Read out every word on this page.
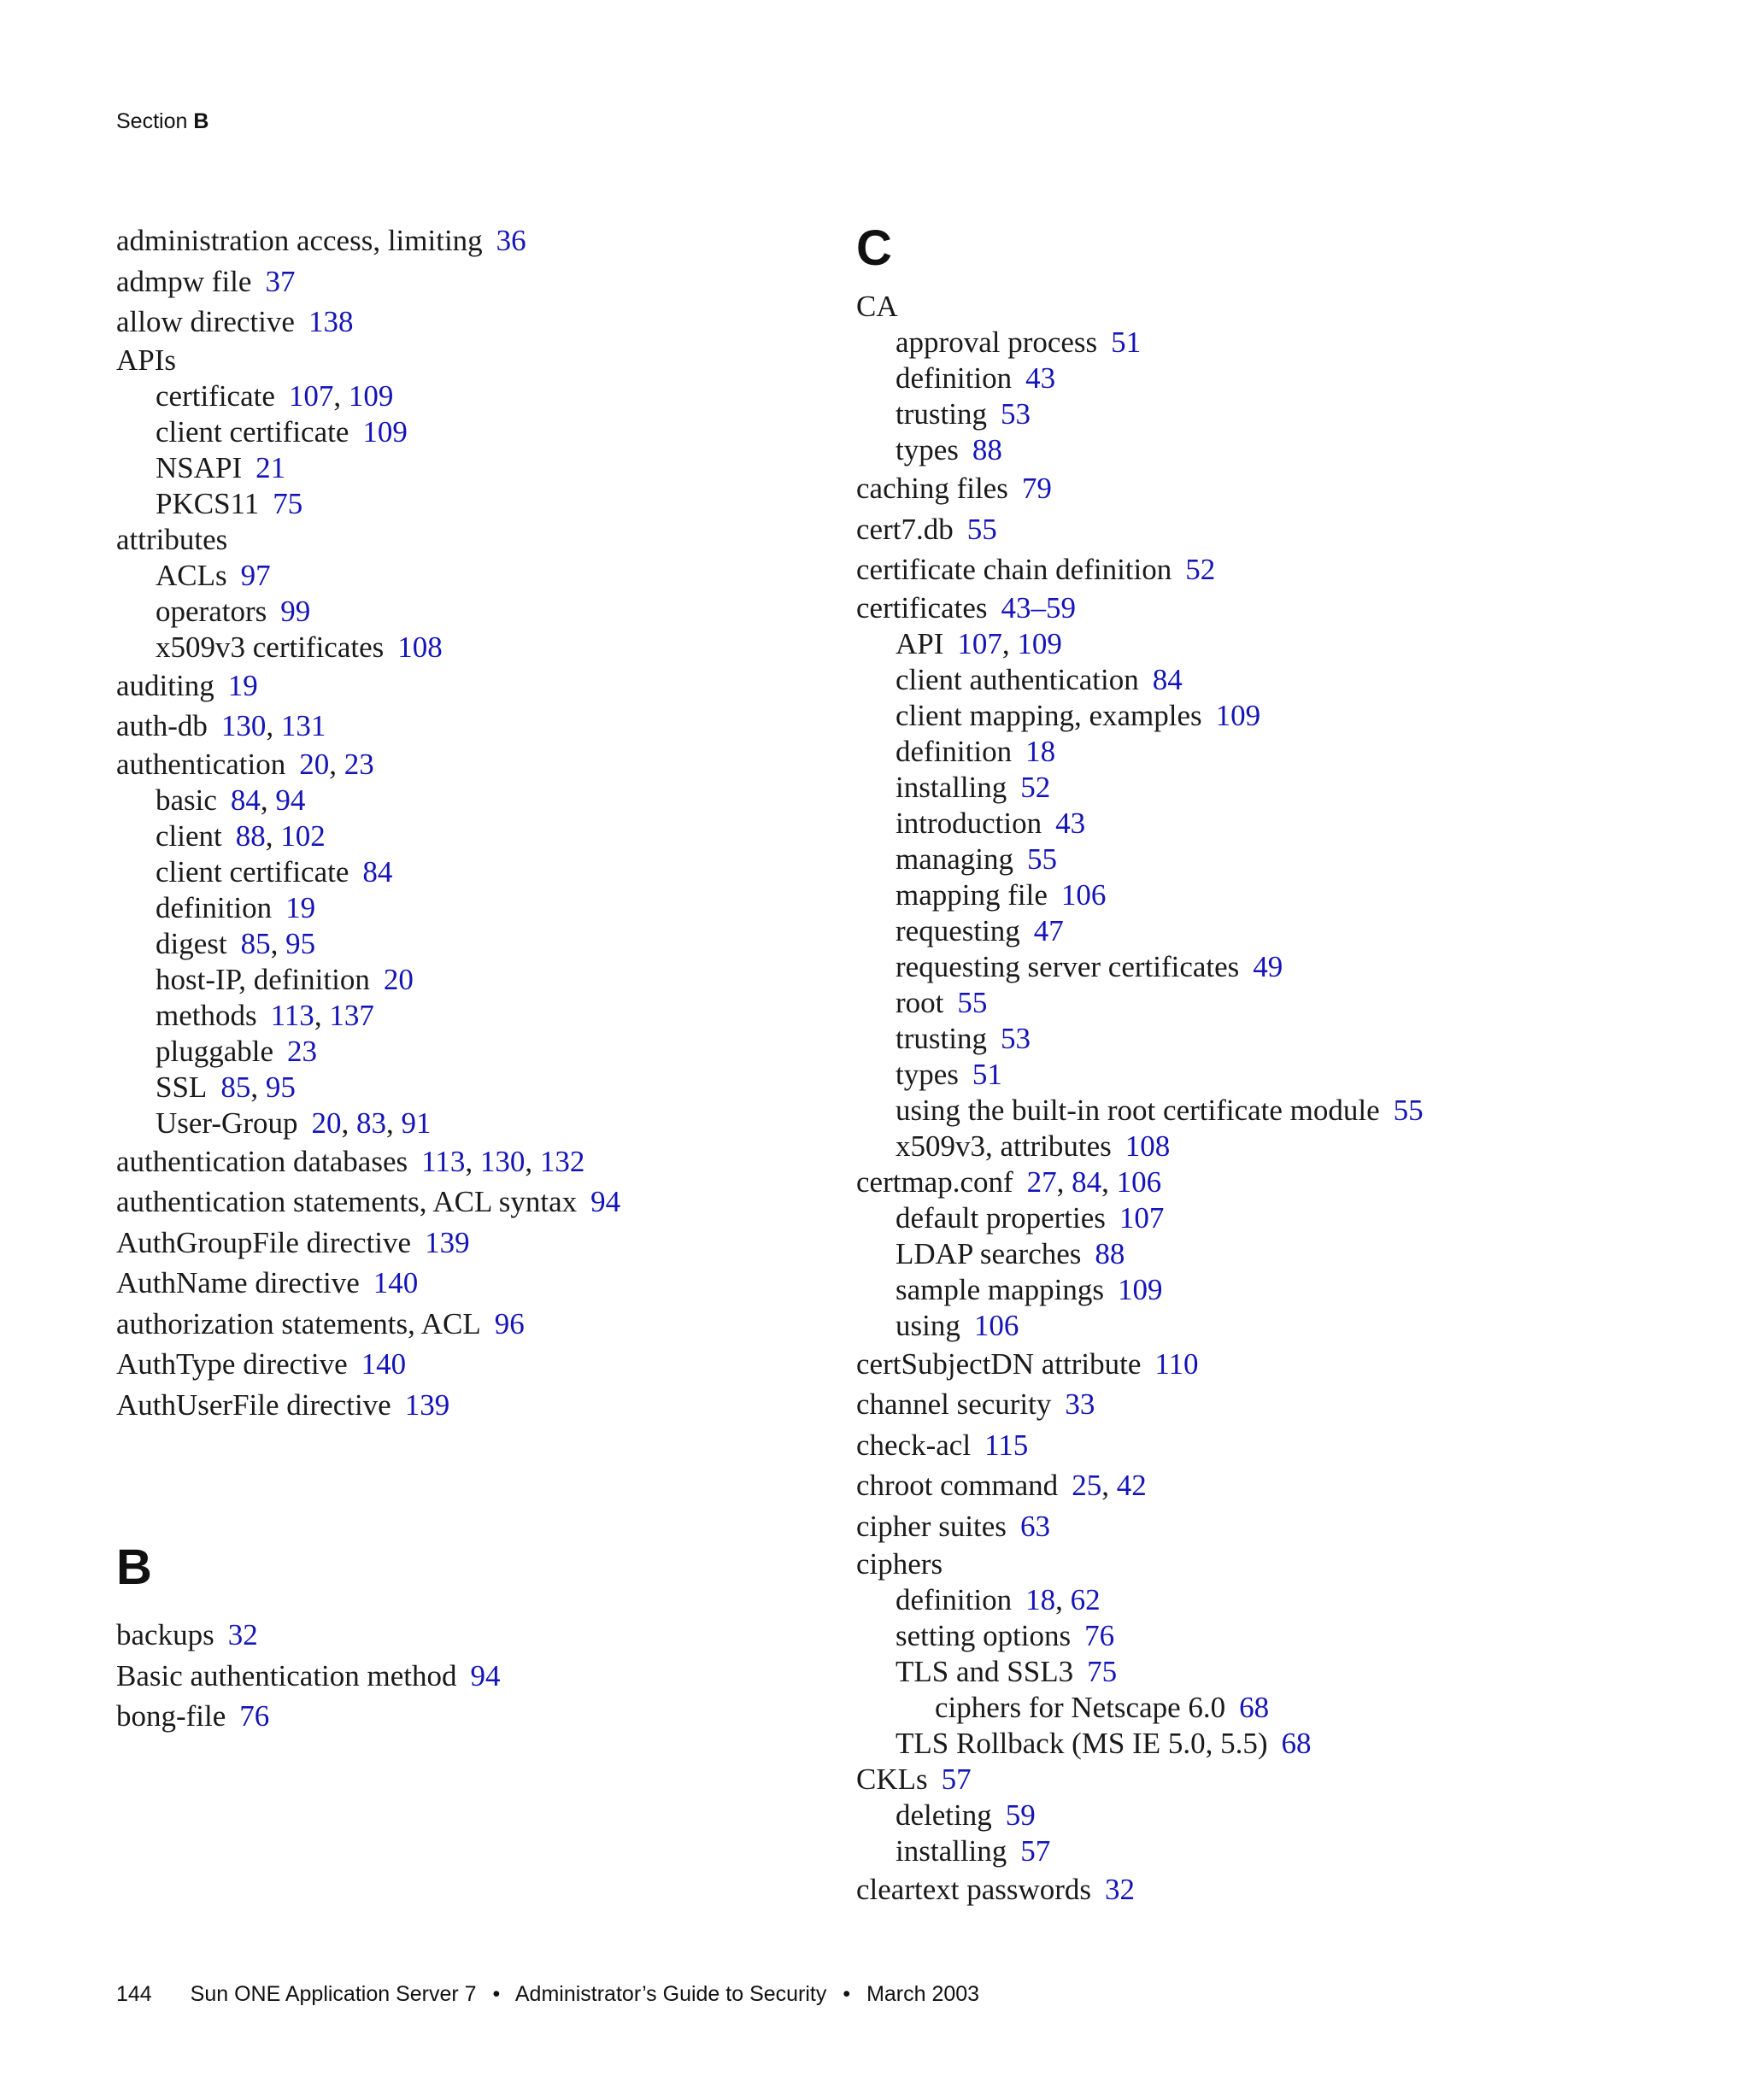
Section B
administration access, limiting 36
admpw file 37
allow directive 138
APIs
certificate 107, 109
client certificate 109
NSAPI 21
PKCS11 75
attributes
ACLs 97
operators 99
x509v3 certificates 108
auditing 19
auth-db 130, 131
authentication 20, 23
basic 84, 94
client 88, 102
client certificate 84
definition 19
digest 85, 95
host-IP, definition 20
methods 113, 137
pluggable 23
SSL 85, 95
User-Group 20, 83, 91
authentication databases 113, 130, 132
authentication statements, ACL syntax 94
AuthGroupFile directive 139
AuthName directive 140
authorization statements, ACL 96
AuthType directive 140
AuthUserFile directive 139
B
backups 32
Basic authentication method 94
bong-file 76
C
CA
approval process 51
definition 43
trusting 53
types 88
caching files 79
cert7.db 55
certificate chain definition 52
certificates 43–59
API 107, 109
client authentication 84
client mapping, examples 109
definition 18
installing 52
introduction 43
managing 55
mapping file 106
requesting 47
requesting server certificates 49
root 55
trusting 53
types 51
using the built-in root certificate module 55
x509v3, attributes 108
certmap.conf 27, 84, 106
default properties 107
LDAP searches 88
sample mappings 109
using 106
certSubjectDN attribute 110
channel security 33
check-acl 115
chroot command 25, 42
cipher suites 63
ciphers
definition 18, 62
setting options 76
TLS and SSL3 75
ciphers for Netscape 6.0 68
TLS Rollback (MS IE 5.0, 5.5) 68
CKLs 57
deleting 59
installing 57
cleartext passwords 32
144 Sun ONE Application Server 7 • Administrator’s Guide to Security • March 2003
